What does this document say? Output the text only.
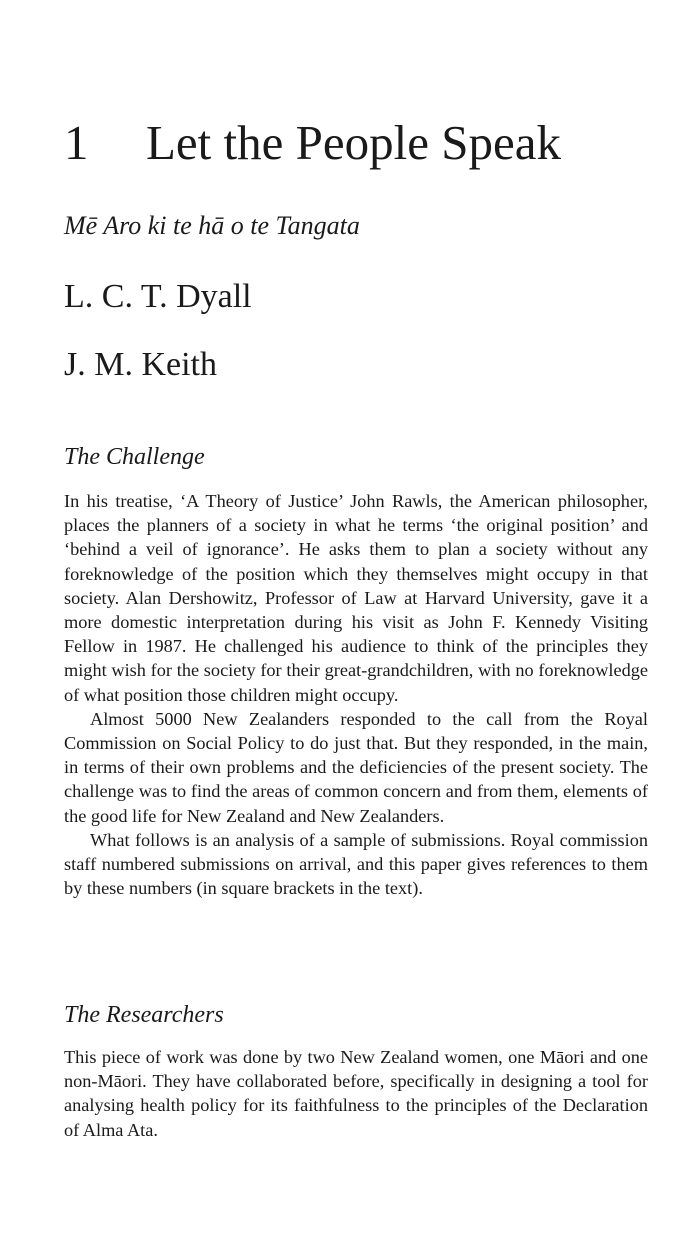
1 Let the People Speak
Mē Aro ki te hā o te Tangata
L. C. T. Dyall
J. M. Keith
The Challenge

In his treatise, ‘A Theory of Justice’ John Rawls, the American philosopher, places the planners of a society in what he terms ‘the original position’ and ‘behind a veil of ignorance’. He asks them to plan a society without any foreknowledge of the position which they themselves might occupy in that society. Alan Dershowitz, Professor of Law at Harvard University, gave it a more domestic interpretation during his visit as John F. Kennedy Visiting Fellow in 1987. He challenged his audience to think of the principles they might wish for the society for their great-grandchildren, with no foreknowledge of what position those children might occupy.

Almost 5000 New Zealanders responded to the call from the Royal Commission on Social Policy to do just that. But they responded, in the main, in terms of their own problems and the deficiencies of the present society. The challenge was to find the areas of common concern and from them, elements of the good life for New Zealand and New Zealanders.

What follows is an analysis of a sample of submissions. Royal commission staff numbered submissions on arrival, and this paper gives references to them by these numbers (in square brackets in the text).

The Researchers

This piece of work was done by two New Zealand women, one Māori and one non-Māori. They have collaborated before, specifically in designing a tool for analysing health policy for its faithfulness to the principles of the Declaration of Alma Ata.
